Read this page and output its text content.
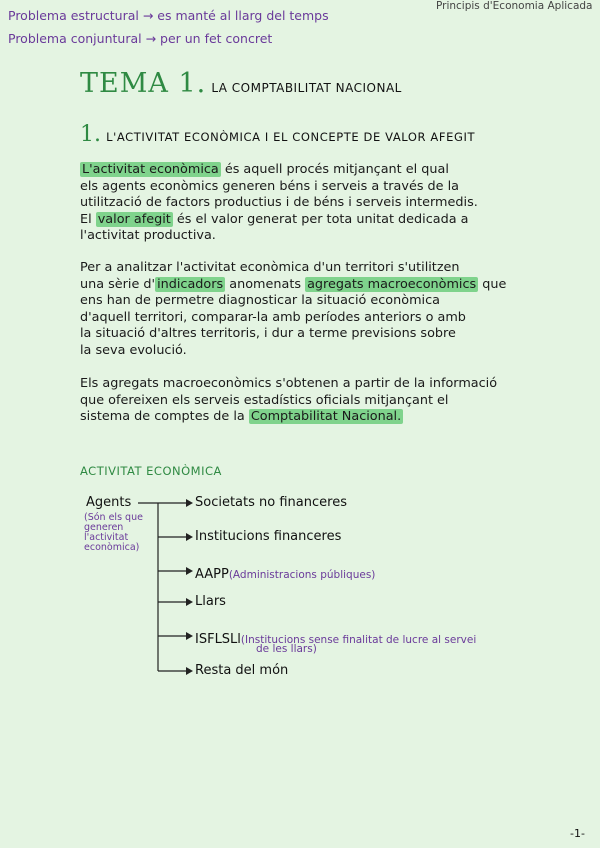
Problema estructural → es manté al llarg del temps
Problema conjuntural → per un fet concret
Principis d'Economia Aplicada
TEMA 1. LA COMPTABILITAT NACIONAL
1. L'ACTIVITAT ECONÒMICA I EL CONCEPTE DE VALOR AFEGIT
L'activitat econòmica és aquell procés mitjançant el qual
els agents econòmics generen béns i serveis a través de la
utilització de factors productius i de béns i serveis intermedis.
El valor afegit és el valor generat per tota unitat dedicada a
l'activitat productiva.
Per a analitzar l'activitat econòmica d'un territori s'utilitzen
una sèrie d' indicadors anomenats agregats macroeconòmics que
ens han de permetre diagnosticar la situació econòmica
d'aquell territori, comparar-la amb períodes anteriors o amb
la situació d'altres territoris, i dur a terme previsions sobre
la seva evolució.
Els agregats macroeconòmics s'obtenen a partir de la informació
que ofereixen els serveis estadístics oficials mitjançant el
sistema de comptes de la Comptabilitat Nacional.
ACTIVITAT ECONÒMICA
Agents
(Són els que
generen
l'activitat
econòmica)
Societats no financeres
Institucions financeres
AAPP(Administracions públiques)
Llars
ISFLSLl(Institucions sense finalitat de lucre al servei
de les llars)
Resta del món
-1-
